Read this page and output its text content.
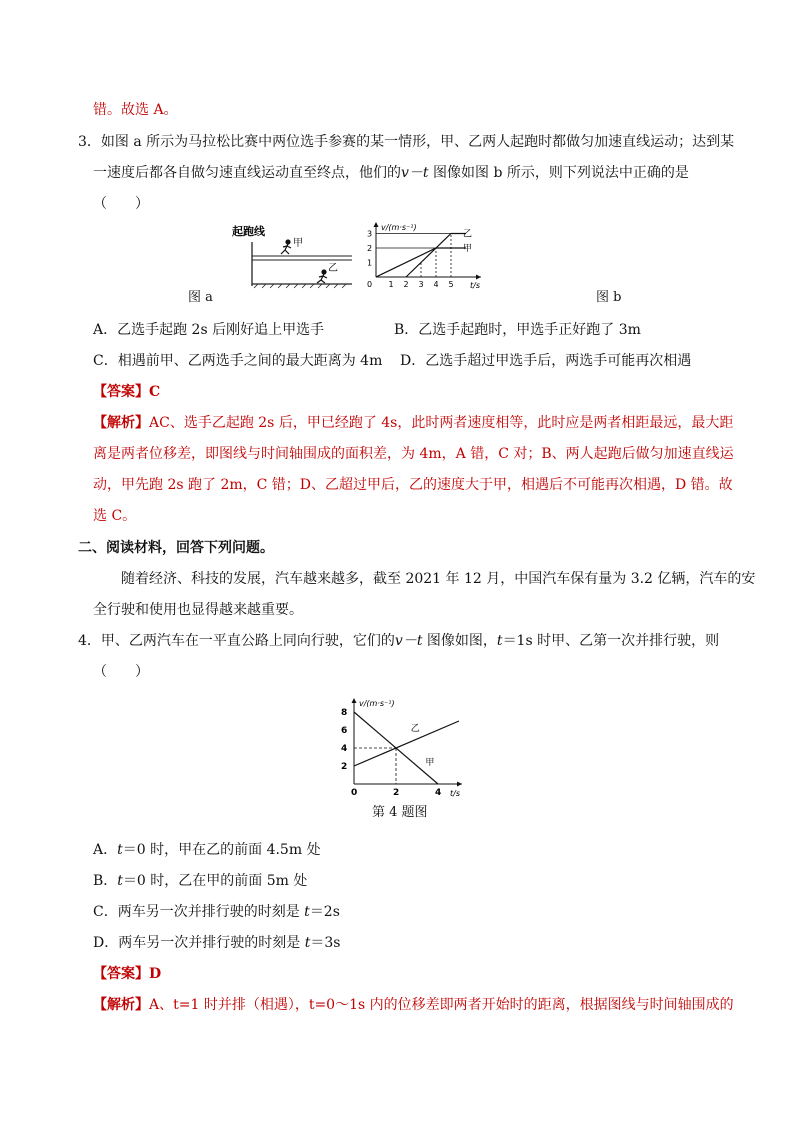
错。故选 A。
3．如图 a 所示为马拉松比赛中两位选手参赛的某一情形，甲、乙两人起跑时都做匀加速直线运动；达到某
一速度后都各自做匀速直线运动直至终点，他们的v－t 图像如图 b 所示，则下列说法中正确的是
（　　）
起跑线
甲
乙
图 a
v/(m·s⁻¹)
t/s
0
甲
乙
1 2 3 4 5
1
2
3
图 b
A．乙选手起跑 2s 后刚好追上甲选手	B．乙选手起跑时，甲选手正好跑了 3m
C．相遇前甲、乙两选手之间的最大距离为 4m D．乙选手超过甲选手后，两选手可能再次相遇
【答案】C
【解析】AC、选手乙起跑 2s 后，甲已经跑了 4s，此时两者速度相等，此时应是两者相距最远，最大距
离是两者位移差，即图线与时间轴围成的面积差，为 4m，A 错，C 对；B、两人起跑后做匀加速直线运
动，甲先跑 2s 跑了 2m，C 错；D、乙超过甲后，乙的速度大于甲，相遇后不可能再次相遇，D 错。故
选 C。
二、阅读材料，回答下列问题。
随着经济、科技的发展，汽车越来越多，截至 2021 年 12 月，中国汽车保有量为 3.2 亿辆，汽车的安
全行驶和使用也显得越来越重要。
4．甲、乙两汽车在一平直公路上同向行驶，它们的v－t 图像如图，t＝1s 时甲、乙第一次并排行驶，则
（　　）
v/(m·s⁻¹)
t/s
乙
甲
0	2	4
2
4
6
8
第 4 题图
A．t＝0 时，甲在乙的前面 4.5m 处
B．t＝0 时，乙在甲的前面 5m 处
C．两车另一次并排行驶的时刻是 t＝2s
D．两车另一次并排行驶的时刻是 t＝3s
【答案】D
【解析】A、t=1 时并排（相遇），t=0～1s 内的位移差即两者开始时的距离，根据图线与时间轴围成的
